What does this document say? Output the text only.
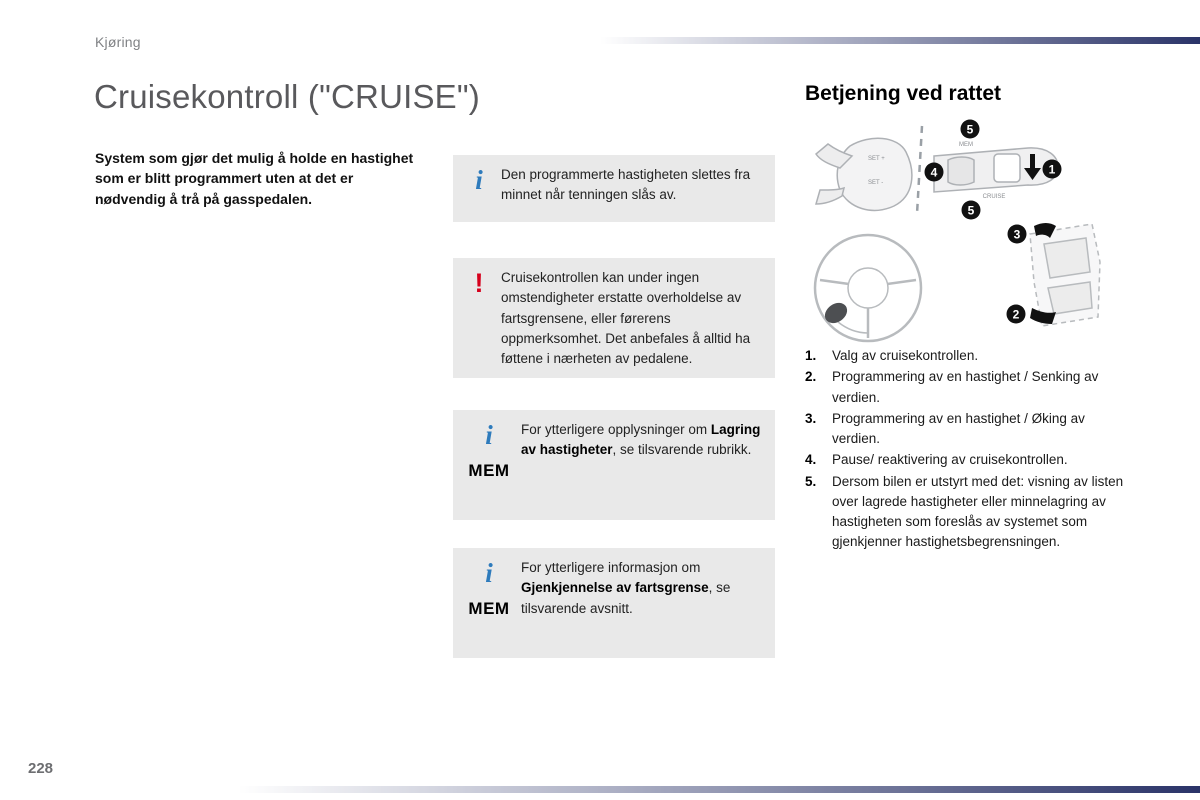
Kjøring
Cruisekontroll ("CRUISE")

System som gjør det mulig å holde en hastighet som er blitt programmert uten at det er nødvendig å trå på gasspedalen.

i Den programmerte hastigheten slettes fra minnet når tenningen slås av.

! Cruisekontrollen kan under ingen omstendigheter erstatte overholdelse av fartsgrensene, eller førerens oppmerksomhet. Det anbefales å alltid ha føttene i nærheten av pedalene.

i
MEM

For ytterligere opplysninger om Lagring av hastigheter, se tilsvarende rubrikk.

i
MEM

For ytterligere informasjon om Gjenkjennelse av fartsgrense, se tilsvarende avsnitt.

Betjening ved rattet
SET +
SET -
MEM
CRUISE
5
4	1
5
3
2
1.	Valg av cruisekontrollen.
2.	Programmering av en hastighet / Senking av verdien.
3.	Programmering av en hastighet / Øking av verdien.
4.	Pause/ reaktivering av cruisekontrollen.
5.	Dersom bilen er utstyrt med det: visning av listen over lagrede hastigheter eller minnelagring av hastigheten som foreslås av systemet som gjenkjenner hastighetsbegrensningen.
228
